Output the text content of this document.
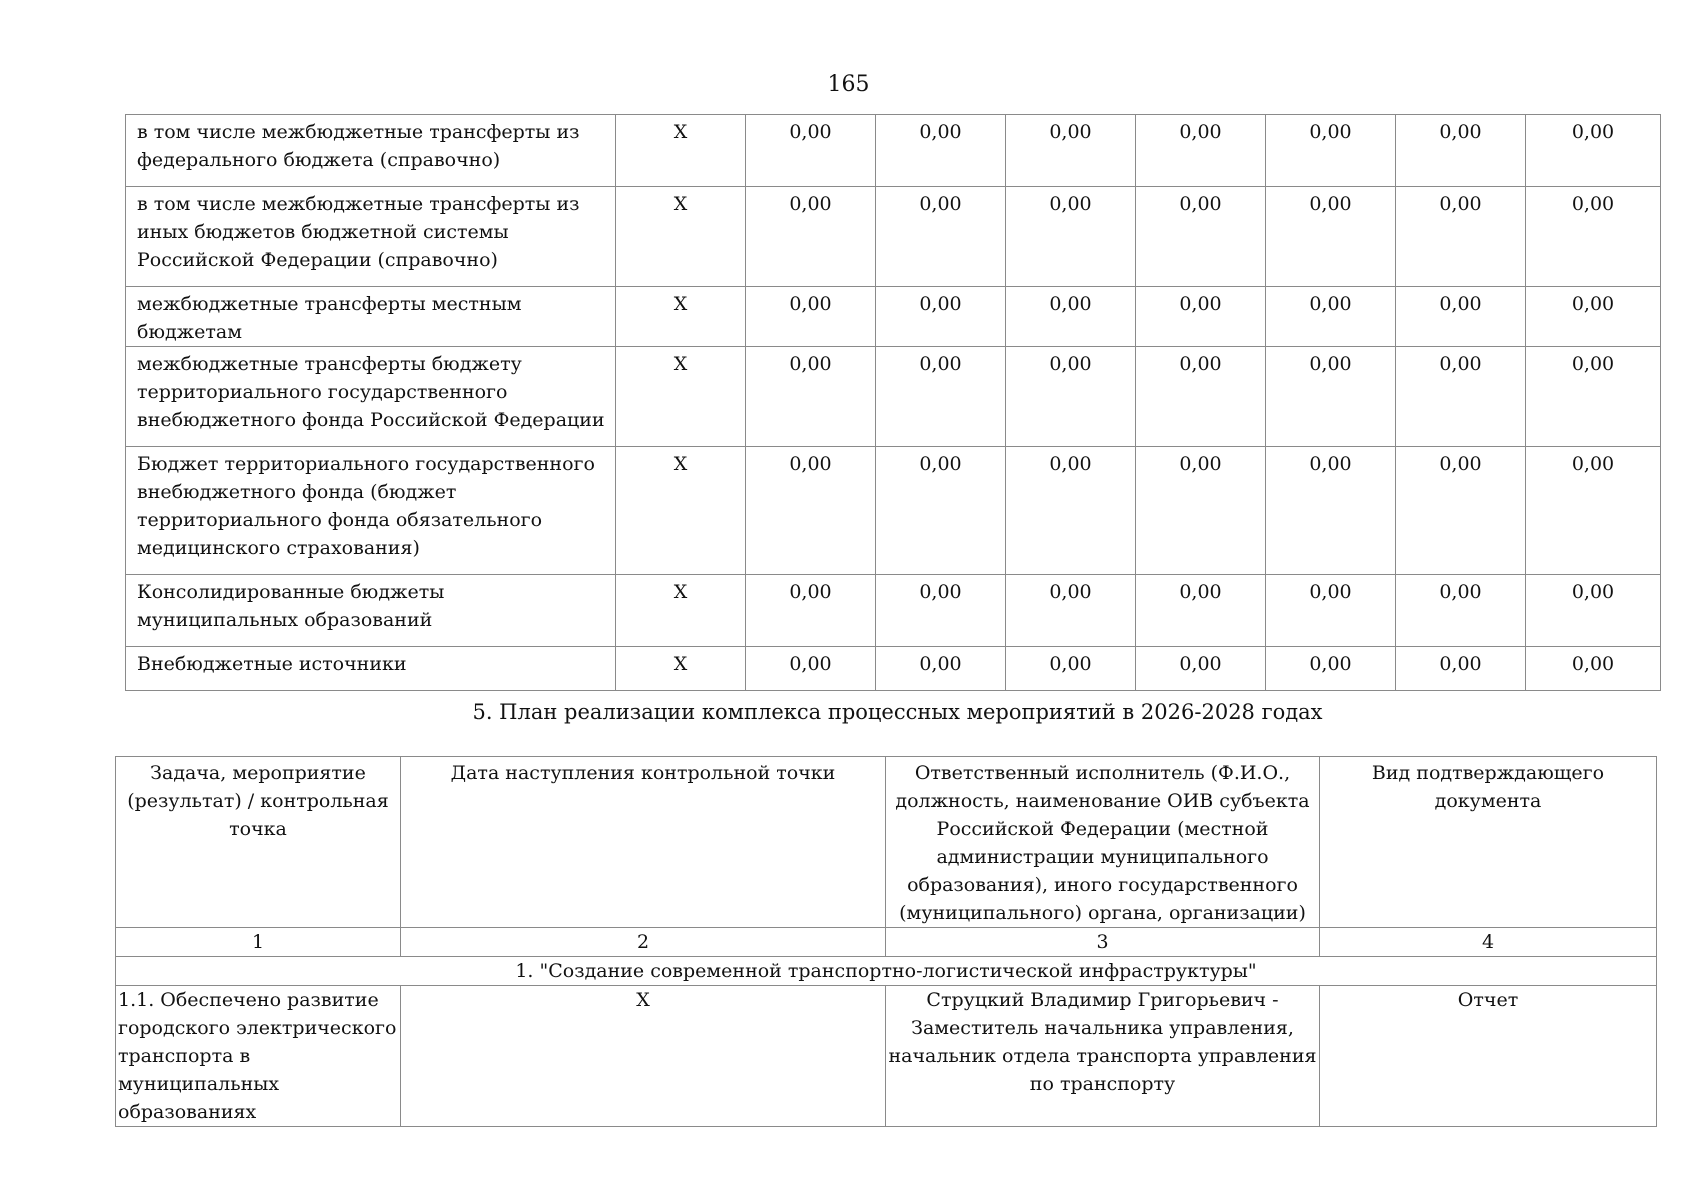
165
в том числе межбюджетные трансферты из федерального бюджета (справочно)	X	0,00	0,00	0,00	0,00	0,00	0,00	0,00
в том числе межбюджетные трансферты из иных бюджетов бюджетной системы Российской Федерации (справочно)	X	0,00	0,00	0,00	0,00	0,00	0,00	0,00
межбюджетные трансферты местным бюджетам	X	0,00	0,00	0,00	0,00	0,00	0,00	0,00
межбюджетные трансферты бюджету территориального государственного внебюджетного фонда Российской Федерации	X	0,00	0,00	0,00	0,00	0,00	0,00	0,00
Бюджет территориального государственного внебюджетного фонда (бюджет территориального фонда обязательного медицинского страхования)	X	0,00	0,00	0,00	0,00	0,00	0,00	0,00
Консолидированные бюджеты муниципальных образований	X	0,00	0,00	0,00	0,00	0,00	0,00	0,00
Внебюджетные источники	X	0,00	0,00	0,00	0,00	0,00	0,00	0,00
5. План реализации комплекса процессных мероприятий в 2026-2028 годах
Задача, мероприятие (результат) / контрольная точка	Дата наступления контрольной точки	Ответственный исполнитель (Ф.И.О., должность, наименование ОИВ субъекта Российской Федерации (местной администрации муниципального образования), иного государственного (муниципального) органа, организации)	Вид подтверждающего документа
1	2	3	4
1. "Создание современной транспортно-логистической инфраструктуры"			
1.1. Обеспечено развитие городского электрического транспорта в муниципальных образованиях	X	Струцкий Владимир Григорьевич - Заместитель начальника управления, начальник отдела транспорта управления по транспорту	Отчет
